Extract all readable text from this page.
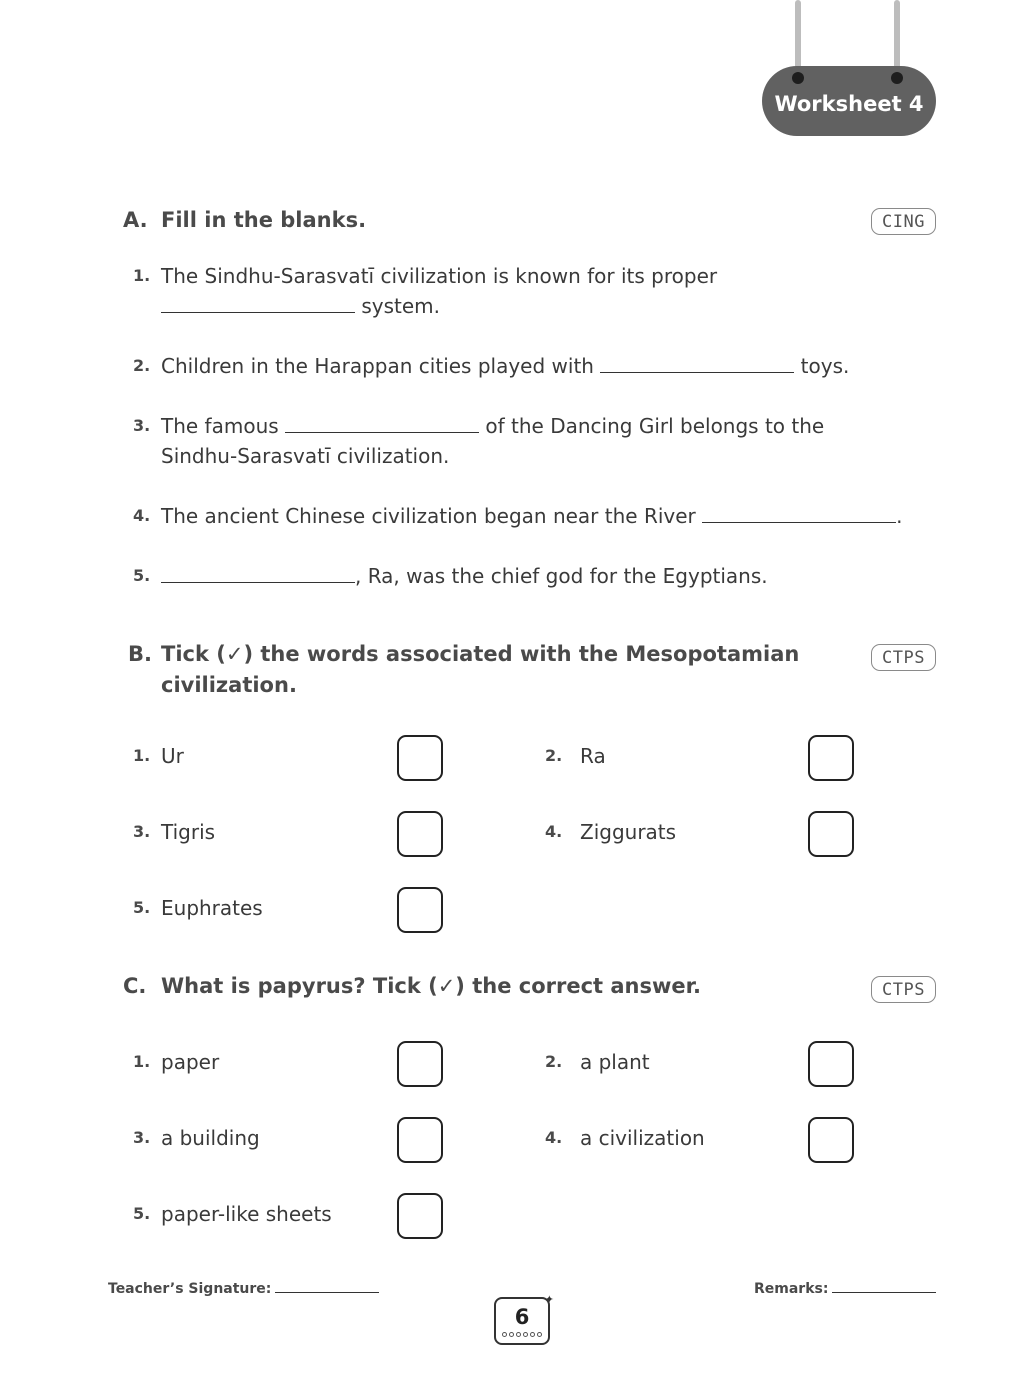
Worksheet 4
A. Fill in the blanks.	CING
1. The Sindhu-Sarasvatī civilization is known for its proper
system.
2. Children in the Harappan cities played with	toys.
3. The famous	of the Dancing Girl belongs to the Sindhu-Sarasvatī civilization.
4. The ancient Chinese civilization began near the River	.
5.	, Ra, was the chief god for the Egyptians.
B. Tick (✓) the words associated with the Mesopotamian civilization.
CTPS
1. Ur	2. Ra
3. Tigris	4. Ziggurats
5. Euphrates
C. What is papyrus? Tick (✓) the correct answer.	CTPS
1. paper	2. a plant
3. a building	4. a civilization
5. paper-like sheets
Teacher’s Signature:	Remarks:
6
✦
